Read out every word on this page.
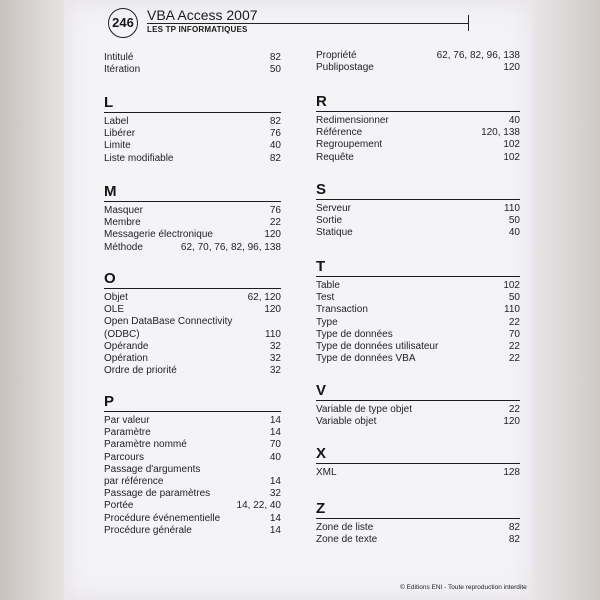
246 VBA Access 2007
LES TP INFORMATIQUES
Intitulé	82
Itération	50
L
Label	82
Libérer	76
Limite	40
Liste modifiable	82
M
Masquer	76
Membre	22
Messagerie électronique	120
Méthode	62, 70, 76, 82, 96, 138
O
Objet	62, 120
OLE	120
Open DataBase Connectivity
(ODBC)	110
Opérande	32
Opération	32
Ordre de priorité	32
P
Par valeur	14
Paramètre	14
Paramètre nommé	70
Parcours	40
Passage d'arguments
par référence	14
Passage de paramètres	32
Portée	14, 22, 40
Procédure événementielle	14
Procédure générale	14
Propriété	62, 76, 82, 96, 138
Publipostage	120
R
Redimensionner	40
Référence	120, 138
Regroupement	102
Requête	102
S
Serveur	110
Sortie	50
Statique	40
T
Table	102
Test	50
Transaction	110
Type	22
Type de données	70
Type de données utilisateur	22
Type de données VBA	22
V
Variable de type objet	22
Variable objet	120
X
XML	128
Z
Zone de liste	82
Zone de texte	82
© Editions ENI - Toute reproduction interdite
